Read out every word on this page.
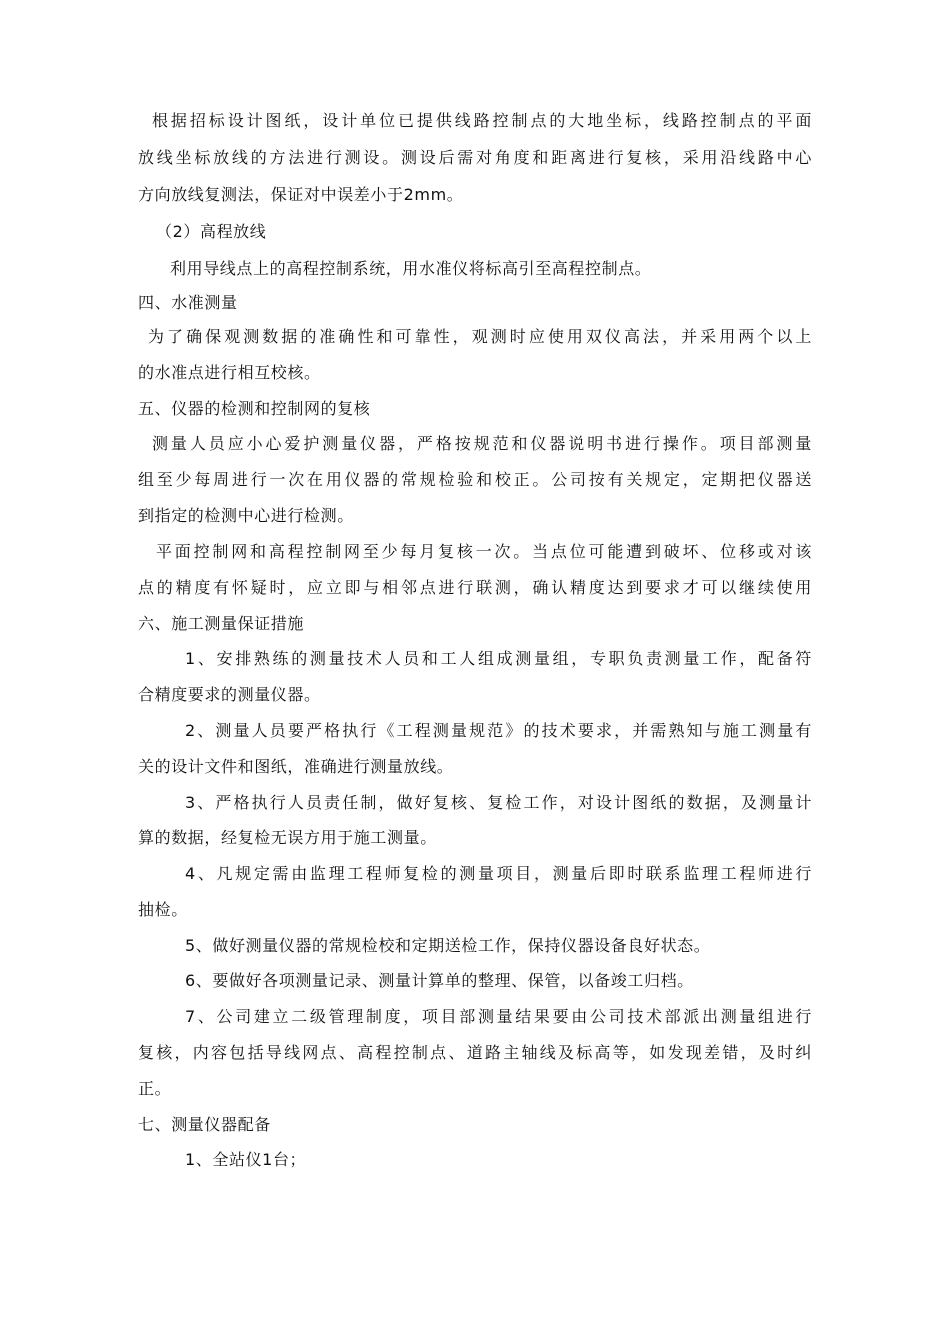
根据招标设计图纸，设计单位已提供线路控制点的大地坐标，线路控制点的平面
放线坐标放线的方法进行测设。测设后需对角度和距离进行复核，采用沿线路中心
方向放线复测法，保证对中误差小于2mm。
（2）高程放线
利用导线点上的高程控制系统，用水准仪将标高引至高程控制点。
四、水准测量
为了确保观测数据的准确性和可靠性，观测时应使用双仪高法，并采用两个以上
的水准点进行相互校核。
五、仪器的检测和控制网的复核
测量人员应小心爱护测量仪器，严格按规范和仪器说明书进行操作。项目部测量
组至少每周进行一次在用仪器的常规检验和校正。公司按有关规定，定期把仪器送
到指定的检测中心进行检测。
平面控制网和高程控制网至少每月复核一次。当点位可能遭到破坏、位移或对该
点的精度有怀疑时，应立即与相邻点进行联测，确认精度达到要求才可以继续使用
六、施工测量保证措施
1、安排熟练的测量技术人员和工人组成测量组，专职负责测量工作，配备符
合精度要求的测量仪器。
2、测量人员要严格执行《工程测量规范》的技术要求，并需熟知与施工测量有
关的设计文件和图纸，准确进行测量放线。
3、严格执行人员责任制，做好复核、复检工作，对设计图纸的数据，及测量计
算的数据，经复检无误方用于施工测量。
4、凡规定需由监理工程师复检的测量项目，测量后即时联系监理工程师进行
抽检。
5、做好测量仪器的常规检校和定期送检工作，保持仪器设备良好状态。
6、要做好各项测量记录、测量计算单的整理、保管，以备竣工归档。
7、公司建立二级管理制度，项目部测量结果要由公司技术部派出测量组进行
复核，内容包括导线网点、高程控制点、道路主轴线及标高等，如发现差错，及时纠
正。
七、测量仪器配备
1、全站仪1台；
